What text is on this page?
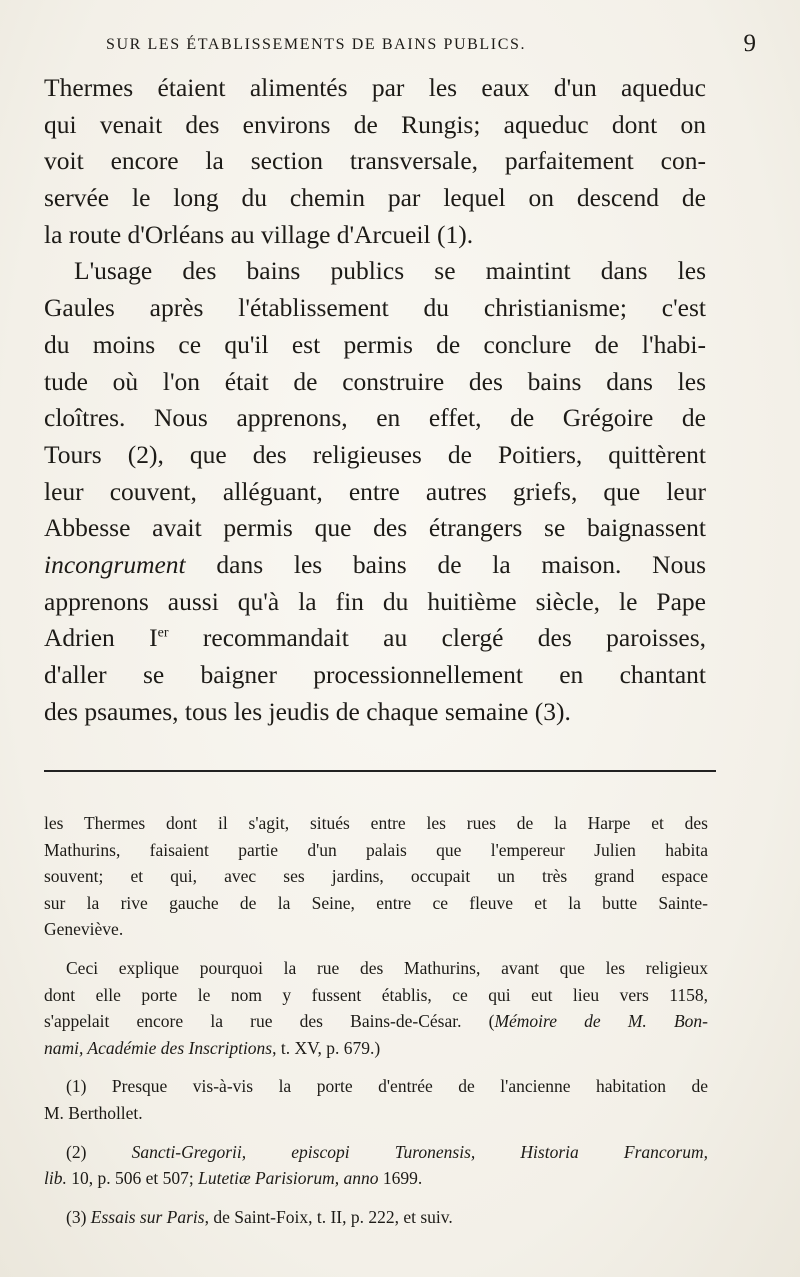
SUR LES ÉTABLISSEMENTS DE BAINS PUBLICS.	9
Thermes étaient alimentés par les eaux d'un aqueduc
qui venait des environs de Rungis; aqueduc dont on
voit encore la section transversale, parfaitement con-
servée le long du chemin par lequel on descend de
la route d'Orléans au village d'Arcueil (1).
L'usage des bains publics se maintint dans les
Gaules après l'établissement du christianisme; c'est
du moins ce qu'il est permis de conclure de l'habi-
tude où l'on était de construire des bains dans les
cloîtres. Nous apprenons, en effet, de Grégoire de
Tours (2), que des religieuses de Poitiers, quittèrent
leur couvent, alléguant, entre autres griefs, que leur
Abbesse avait permis que des étrangers se baignassent
incongrument dans les bains de la maison. Nous
apprenons aussi qu'à la fin du huitième siècle, le Pape
Adrien Ier recommandait au clergé des paroisses,
d'aller se baigner processionnellement en chantant
des psaumes, tous les jeudis de chaque semaine (3).
les Thermes dont il s'agit, situés entre les rues de la Harpe et des
Mathurins, faisaient partie d'un palais que l'empereur Julien habita
souvent; et qui, avec ses jardins, occupait un très grand espace
sur la rive gauche de la Seine, entre ce fleuve et la butte Sainte-
Geneviève.
Ceci explique pourquoi la rue des Mathurins, avant que les religieux
dont elle porte le nom y fussent établis, ce qui eut lieu vers 1158,
s'appelait encore la rue des Bains-de-César. (Mémoire de M. Bon-
nami, Académie des Inscriptions, t. XV, p. 679.)
(1) Presque vis-à-vis la porte d'entrée de l'ancienne habitation de
M. Berthollet.
(2) Sancti-Gregorii, episcopi Turonensis, Historia Francorum,
lib. 10, p. 506 et 507; Lutetiæ Parisiorum, anno 1699.
(3) Essais sur Paris, de Saint-Foix, t. II, p. 222, et suiv.
